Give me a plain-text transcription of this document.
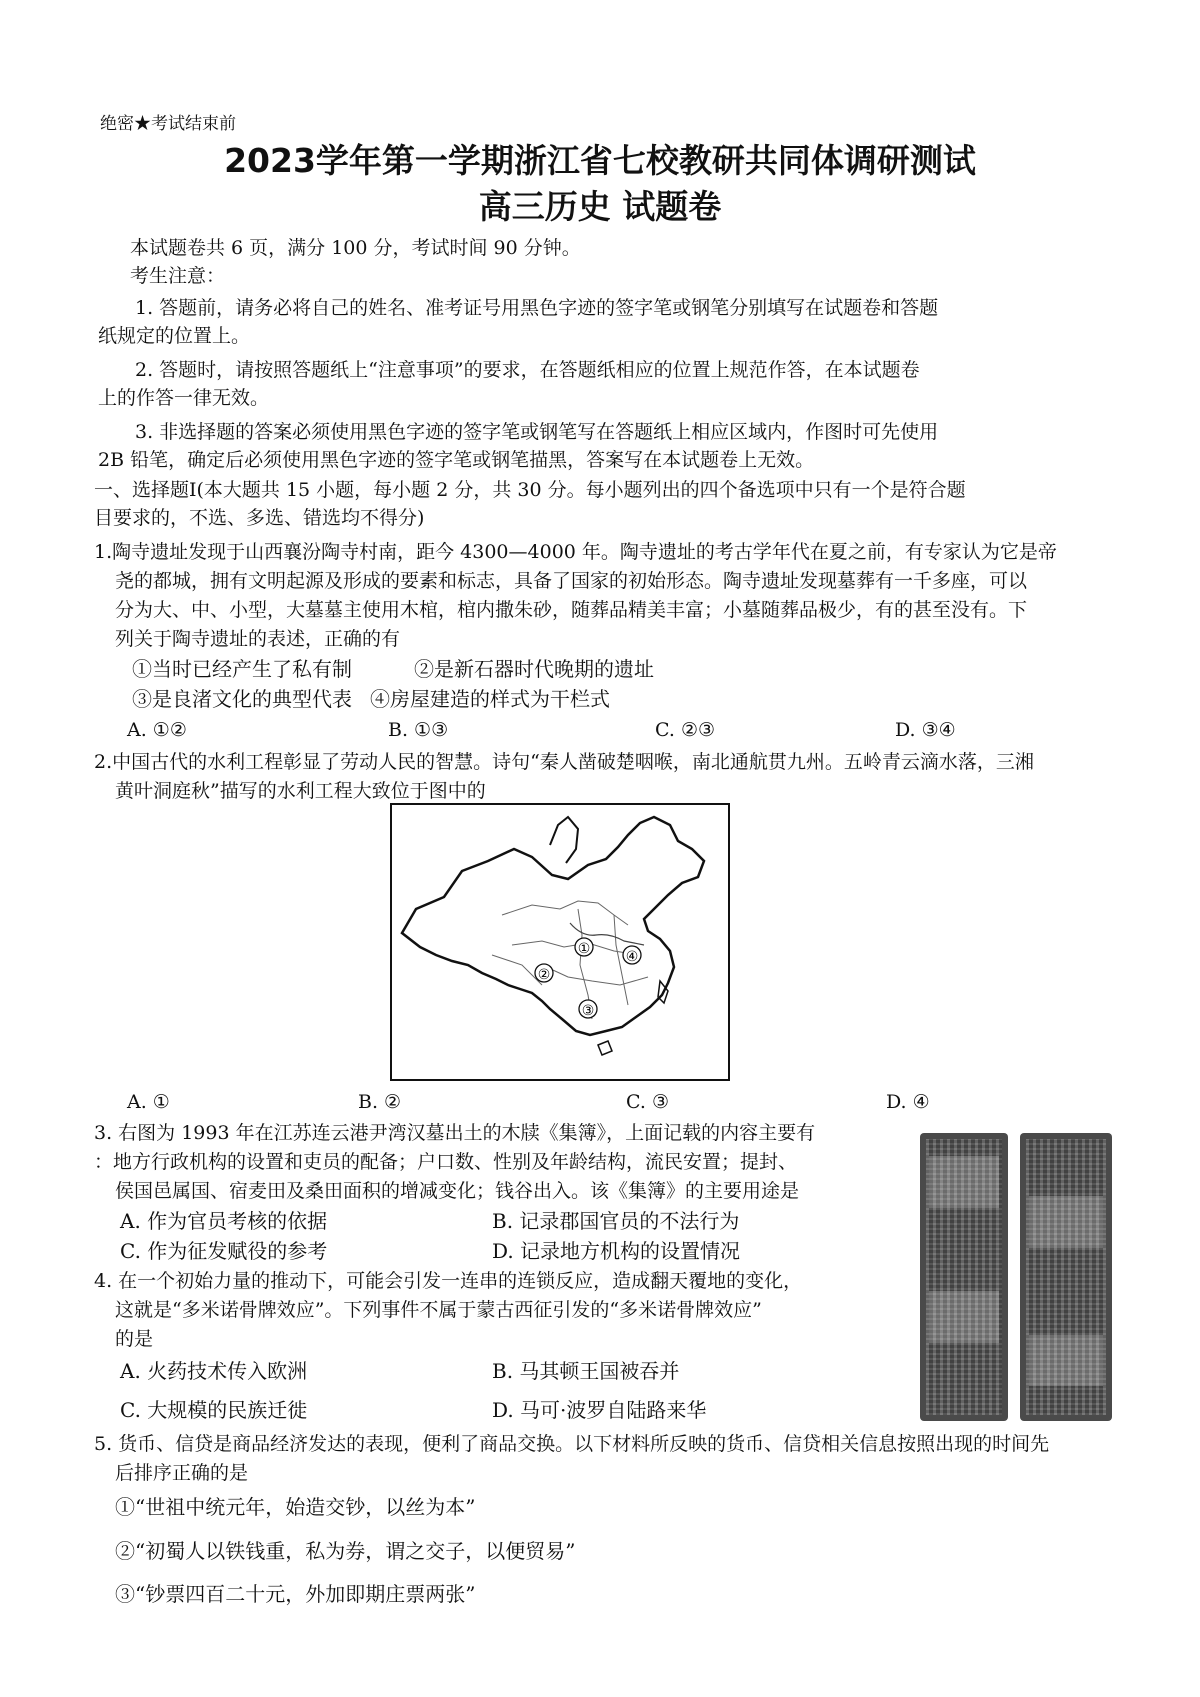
绝密★考试结束前
2023学年第一学期浙江省七校教研共同体调研测试
高三历史 试题卷
本试题卷共 6 页，满分 100 分，考试时间 90 分钟。
考生注意：
1. 答题前，请务必将自己的姓名、准考证号用黑色字迹的签字笔或钢笔分别填写在试题卷和答题
纸规定的位置上。
2. 答题时，请按照答题纸上“注意事项”的要求，在答题纸相应的位置上规范作答，在本试题卷
上的作答一律无效。
3. 非选择题的答案必须使用黑色字迹的签字笔或钢笔写在答题纸上相应区域内，作图时可先使用
2B 铅笔，确定后必须使用黑色字迹的签字笔或钢笔描黑，答案写在本试题卷上无效。
一、选择题Ⅰ(本大题共 15 小题，每小题 2 分，共 30 分。每小题列出的四个备选项中只有一个是符合题
目要求的，不选、多选、错选均不得分)
1.陶寺遗址发现于山西襄汾陶寺村南，距今 4300—4000 年。陶寺遗址的考古学年代在夏之前，有专家认为它是帝
尧的都城，拥有文明起源及形成的要素和标志，具备了国家的初始形态。陶寺遗址发现墓葬有一千多座，可以
分为大、中、小型，大墓墓主使用木棺，棺内撒朱砂，随葬品精美丰富；小墓随葬品极少，有的甚至没有。下
列关于陶寺遗址的表述，正确的有
①当时已经产生了私有制	②是新石器时代晚期的遗址
③是良渚文化的典型代表 ④房屋建造的样式为干栏式
A. ①②	B. ①③	C. ②③	D. ③④
2.中国古代的水利工程彰显了劳动人民的智慧。诗句“秦人凿破楚咽喉，南北通航贯九州。五岭青云滴水落，三湘
黄叶洞庭秋”描写的水利工程大致位于图中的
①	④
②
③
A. ①	B. ②	C. ③	D. ④
3. 右图为 1993 年在江苏连云港尹湾汉墓出土的木牍《集簿》，上面记载的内容主要有
：地方行政机构的设置和吏员的配备；户口数、性别及年龄结构，流民安置；提封、
侯国邑属国、宿麦田及桑田面积的增减变化；钱谷出入。该《集簿》的主要用途是
A. 作为官员考核的依据	B. 记录郡国官员的不法行为
C. 作为征发赋役的参考	D. 记录地方机构的设置情况
4. 在一个初始力量的推动下，可能会引发一连串的连锁反应，造成翻天覆地的变化，
这就是“多米诺骨牌效应”。下列事件不属于蒙古西征引发的“多米诺骨牌效应”
的是
A. 火药技术传入欧洲	B. 马其顿王国被吞并
C. 大规模的民族迁徙	D. 马可·波罗自陆路来华
5. 货币、信贷是商品经济发达的表现，便利了商品交换。以下材料所反映的货币、信贷相关信息按照出现的时间先
后排序正确的是
①“世祖中统元年，始造交钞，以丝为本”
②“初蜀人以铁钱重，私为券，谓之交子，以便贸易”
③“钞票四百二十元，外加即期庄票两张”
